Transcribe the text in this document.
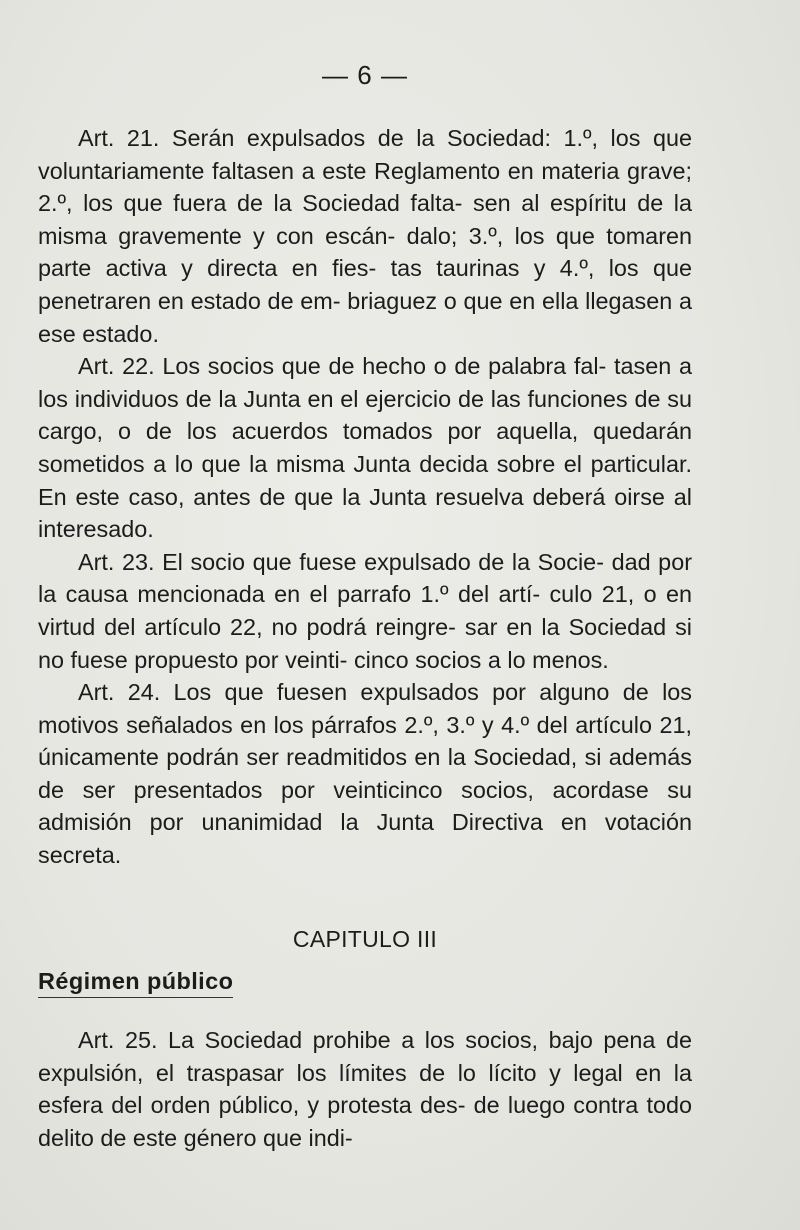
— 6 —

Art. 21. Serán expulsados de la Sociedad: 1.º, los que voluntariamente faltasen a este Reglamento en materia grave; 2.º, los que fuera de la Sociedad falta- sen al espíritu de la misma gravemente y con escán- dalo; 3.º, los que tomaren parte activa y directa en fies- tas taurinas y 4.º, los que penetraren en estado de em- briaguez o que en ella llegasen a ese estado.

Art. 22. Los socios que de hecho o de palabra fal- tasen a los individuos de la Junta en el ejercicio de las funciones de su cargo, o de los acuerdos tomados por aquella, quedarán sometidos a lo que la misma Junta decida sobre el particular. En este caso, antes de que la Junta resuelva deberá oirse al interesado.

Art. 23. El socio que fuese expulsado de la Socie- dad por la causa mencionada en el parrafo 1.º del artí- culo 21, o en virtud del artículo 22, no podrá reingre- sar en la Sociedad si no fuese propuesto por veinti- cinco socios a lo menos.

Art. 24. Los que fuesen expulsados por alguno de los motivos señalados en los párrafos 2.º, 3.º y 4.º del artículo 21, únicamente podrán ser readmitidos en la Sociedad, si además de ser presentados por veinticinco socios, acordase su admisión por unanimidad la Junta Directiva en votación secreta.

CAPITULO III
Régimen público

Art. 25. La Sociedad prohibe a los socios, bajo pena de expulsión, el traspasar los límites de lo lícito y legal en la esfera del orden público, y protesta des- de luego contra todo delito de este género que indi-
